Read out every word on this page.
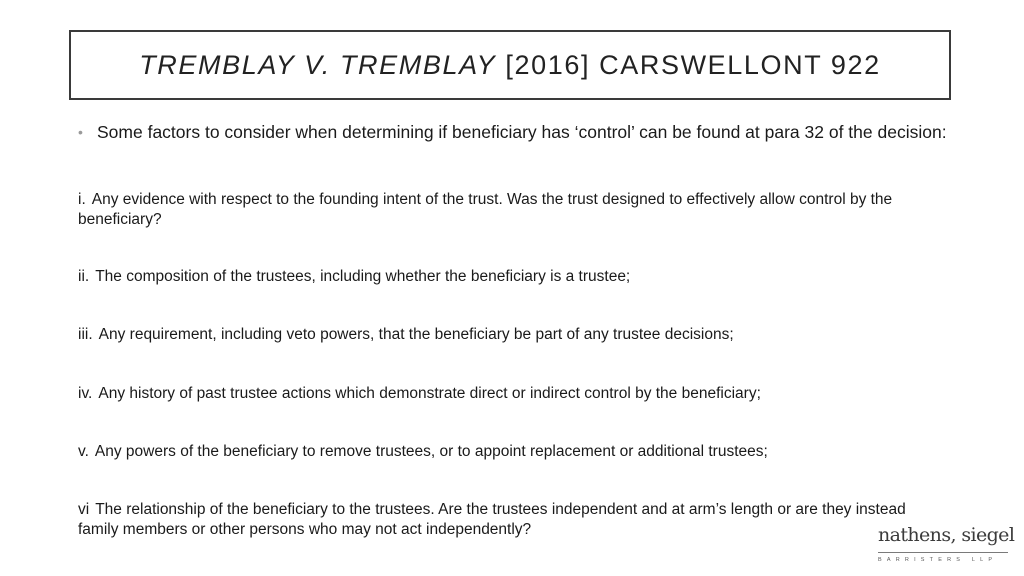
TREMBLAY V. TREMBLAY [2016] CARSWELLONT 922
• Some factors to consider when determining if beneficiary has ‘control’ can be found at para 32 of the decision:

i. Any evidence with respect to the founding intent of the trust. Was the trust designed to effectively allow control by the beneficiary?

ii. The composition of the trustees, including whether the beneficiary is a trustee;

iii. Any requirement, including veto powers, that the beneficiary be part of any trustee decisions;

iv. Any history of past trustee actions which demonstrate direct or indirect control by the beneficiary;

v. Any powers of the beneficiary to remove trustees, or to appoint replacement or additional trustees;

vi The relationship of the beneficiary to the trustees. Are the trustees independent and at arm’s length or are they instead family members or other persons who may not act independently?	nathens, siegel
BARRISTERS LLP
